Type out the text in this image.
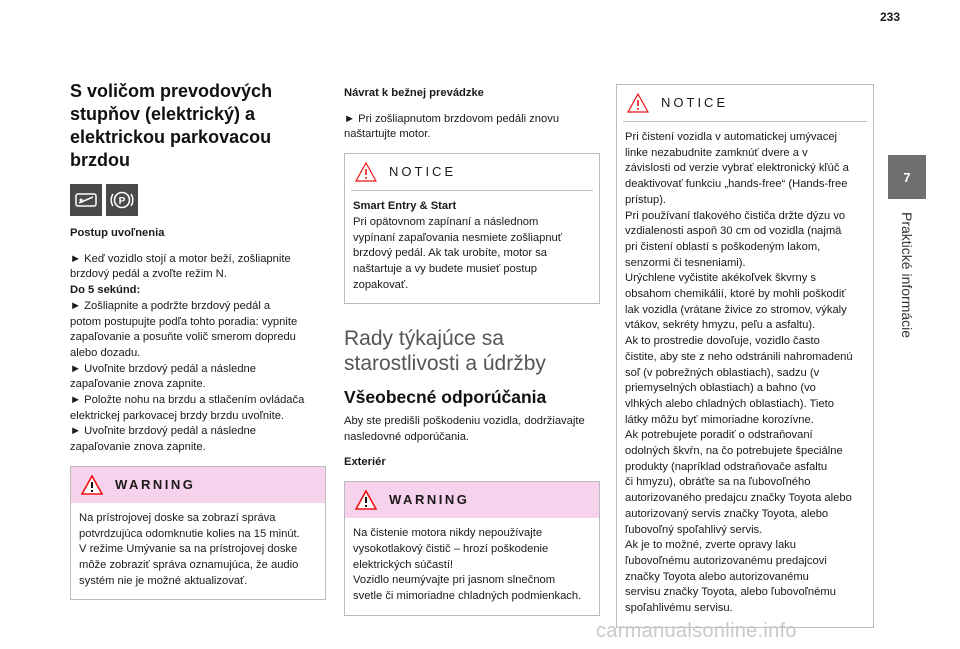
233
7
Praktické informácie
S voličom prevodových
stupňov (elektrický) a
elektrickou parkovacou
brzdou
P
Postup uvoľnenia

► Keď vozidlo stojí a motor beží, zošliapnite
brzdový pedál a zvoľte režim N.
Do 5 sekúnd:
► Zošliapnite a podržte brzdový pedál a
potom postupujte podľa tohto poradia: vypnite
zapaľovanie a posuňte volič smerom dopredu
alebo dozadu.
► Uvoľnite brzdový pedál a následne
zapaľovanie znova zapnite.
► Položte nohu na brzdu a stlačením ovládača
elektrickej parkovacej brzdy brzdu uvoľnite.
► Uvoľnite brzdový pedál a následne
zapaľovanie znova zapnite.

WARNING
Na prístrojovej doske sa zobrazí správa
potvrdzujúca odomknutie kolies na 15 minút.
V režime Umývanie sa na prístrojovej doske
môže zobraziť správa oznamujúca, že audio
systém nie je možné aktualizovať.
Návrat k bežnej prevádzke

► Pri zošliapnutom brzdovom pedáli znovu
naštartujte motor.

NOTICE
Smart Entry & Start
Pri opätovnom zapínaní a následnom
vypínaní zapaľovania nesmiete zošliapnuť
brzdový pedál. Ak tak urobíte, motor sa
naštartuje a vy budete musieť postup
zopakovať.
Rady týkajúce sa
starostlivosti a údržby
Všeobecné odporúčania

Aby ste predišli poškodeniu vozidla, dodržiavajte
nasledovné odporúčania.

Exteriér
WARNING
Na čistenie motora nikdy nepoužívajte
vysokotlakový čistič – hrozí poškodenie
elektrických súčastí!
Vozidlo neumývajte pri jasnom slnečnom
svetle či mimoriadne chladných podmienkach.
NOTICE
Pri čistení vozidla v automatickej umývacej
linke nezabudnite zamknúť dvere a v
závislosti od verzie vybrať elektronický kľúč a
deaktivovať funkciu „hands-free“ (Hands-free
prístup).
Pri používaní tlakového čističa držte dýzu vo
vzdialenosti aspoň 30 cm od vozidla (najmä
pri čistení oblastí s poškodeným lakom,
senzormi či tesneniami).
Urýchlene vyčistite akékoľvek škvrny s
obsahom chemikálií, ktoré by mohli poškodiť
lak vozidla (vrátane živice zo stromov, výkaly
vtákov, sekréty hmyzu, peľu a asfaltu).
Ak to prostredie dovoľuje, vozidlo často
čistite, aby ste z neho odstránili nahromadenú
soľ (v pobrežných oblastiach), sadzu (v
priemyselných oblastiach) a bahno (vo
vlhkých alebo chladných oblastiach). Tieto
látky môžu byť mimoriadne korozívne.
Ak potrebujete poradiť o odstraňovaní
odolných škvŕn, na čo potrebujete špeciálne
produkty (napríklad odstraňovače asfaltu
či hmyzu), obráťte sa na ľubovoľného
autorizovaného predajcu značky Toyota alebo
autorizovaný servis značky Toyota, alebo
ľubovoľný spoľahlivý servis.
Ak je to možné, zverte opravy laku
ľubovoľnému autorizovanému predajcovi
značky Toyota alebo autorizovanému
servisu značky Toyota, alebo ľubovoľnému
spoľahlivému servisu.
carmanualsonline.info
